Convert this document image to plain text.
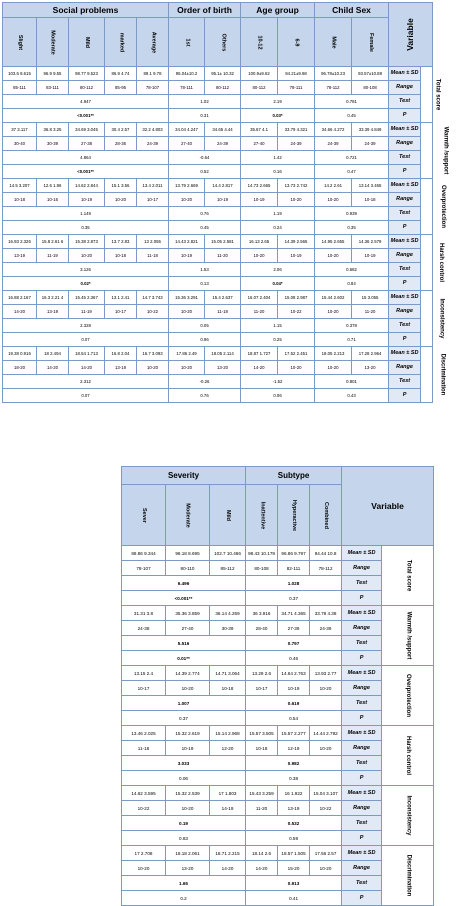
Social problems					Order of birth		Age group		Child Sex		Variable	
Slight	Moderate	Mild	marked	Average	1st	Others	10-12	6-9	Male	Female		
103.6 8.615	96.9 9.55	98.77 9.523	86.9 4.74	89.1 9.78	95.04±10.2	95.1± 10.32	100.9±9.62	94.21±9.98	96.78±10.23	93.57±10.88	Mean ± SD	Total score
85-111	83-111	80-112	85-95	78-107	78-111	80-112	80-112	78-111	78-112	80-108	Range	
4.947					1.02		2.19		0.781		Test	
<0.001**					0.31		0.03*		0.45		P	
37 3.117	36.8 3.25	34.69 3.045	30.4 2.57	32.2 4.803	34.04 4.247	34.65 4.44	35.67 4.1	33.79 4.321	34.66 4.272	33.39 4.849	Mean ± SD	Warmth /support
30-40	30-39	27-38	28-36	24-39	27-40	24-39	27-40	24-39	24-39	24-39	Range	
4.864					-0.64		1.42		0.721		Test	
<0.001**					0.52		0.16		0.47		P	
14.5 3.207	12.6 1.96	14.62 2.844	15.1 3.56	13.4 2.011	13.79 2.669	14.4 2.817	14.73 2.665	13.73 2.742	14.2 2.61	13.14 3.465	Mean ± SD	Overprotection
10-18	10-16	10-19	10-20	10-17	10-20	10-19	10-19	10-20	10-20	10-18	Range	
1.149					0.76		1.19		0.939		Test	
0.35					0.45		0.24		0.35		P	
16.93 2.326	15.8 2.61 6	15.38 2.873	13.7 2.83	13 2.055	14.43 2.821	15.05 2.581	16.13 2.65	14.39 2.565	14.95 2.655	14.36 2.579	Mean ± SD	Harsh control
13-19	11-19	10-20	10-18	11-18	10-19	11-20	10-20	10-19	10-20	10-19	Range	
3.126					1.53		2.06		0.682		Test	
0.02*					0.13		0.04*		0.84		P	
16.88 2.167	16.3 2.21 4	15.45 2.367	13.1 2.41	14.7 3.743	15.36 3.291	15.4 2.637	16.07 2.404	15.08 2.987	15.44 2.602	15 3.055	Mean ± SD	Inconsistency
14-20	13-19	11-19	10-17	10-22	10-20	11-18	11-20	10-22	10-20	11-20	Range	
2.328					0.05		1.15		0.378		Test	
0.07					0.96		0.25		0.71		P	
19.38 0.916	18 2.494	18.54 1.713	16.8 2.04	16.7 3.093	17.86 2.49	18.05 2.114	18.87 1.727	17.52 2.451	18.05 2.213	17.28 2.964	Mean ± SD	Discrimination
18-20	14-20	14-20	13-19	10-20	10-20	13-20	14-20	10-20	10-20	13-20	Range	
2.312					-0.26		-1.52		0.801		Test	
0.07					0.76		0.06		0.43		P	
Severity			Subtype			Variable	
Sever	Moderate	Mild	Inattentive	Hyperactive	Combined		
88.86 9.344	96.18 8.695	102.7 10.466	98.43 10.179	96.86 9.797	94.44 10.8	Mean ± SD	Total score
78-107	80-110	85-112	80-108	82-111	78-112	Range	
6.496			1.028			Test	
<0.001**			0.37			P	
31.31 3.8	35.36 3.859	36.14 4.269	36 3.916	34.71 4.365	33.78 4.38	Mean ± SD	Warmth /support
24-38	27-40	30-39	28-40	27-39	24-39	Range	
5.516			0.797			Test	
0.01**			0.46			P	
13.15 2.4	14.39 2.774	14.71 3.064	13.29 2.6	14.64 2.763	13.93 2.77	Mean ± SD	Overprotection
10-17	10-20	10-18	10-17	10-19	10-20	Range	
1.007			0.619			Test	
0.37			0.54			P	
13.46 2.025	15.32 2.619	15.14 2.968	15.57 3.505	15.57 2.277	14.44 2.792	Mean ± SD	Harsh control
11-18	10-19	12-20	10-18	12-19	10-20	Range	
3.033			0.982			Test	
0.06			0.38			P	
14.62 3.595	15.32 2.539	17 1.803	15.43 3.259	16 1.922	15.04 3.107	Mean ± SD	Inconsistency
10-22	10-20	14-19	11-20	13-19	10-22	Range	
0.19			0.532			Test	
0.83			0.59			P	
17 2.708	18.18 2.061	18.71 2.215	18.14 2.6	18.57 1.505	17.56 2.57	Mean ± SD	Discrimination
10-20	13-20	14-20	14-20	15-20	10-20	Range	
1.65			0.913			Test	
0.2			0.41			P	
